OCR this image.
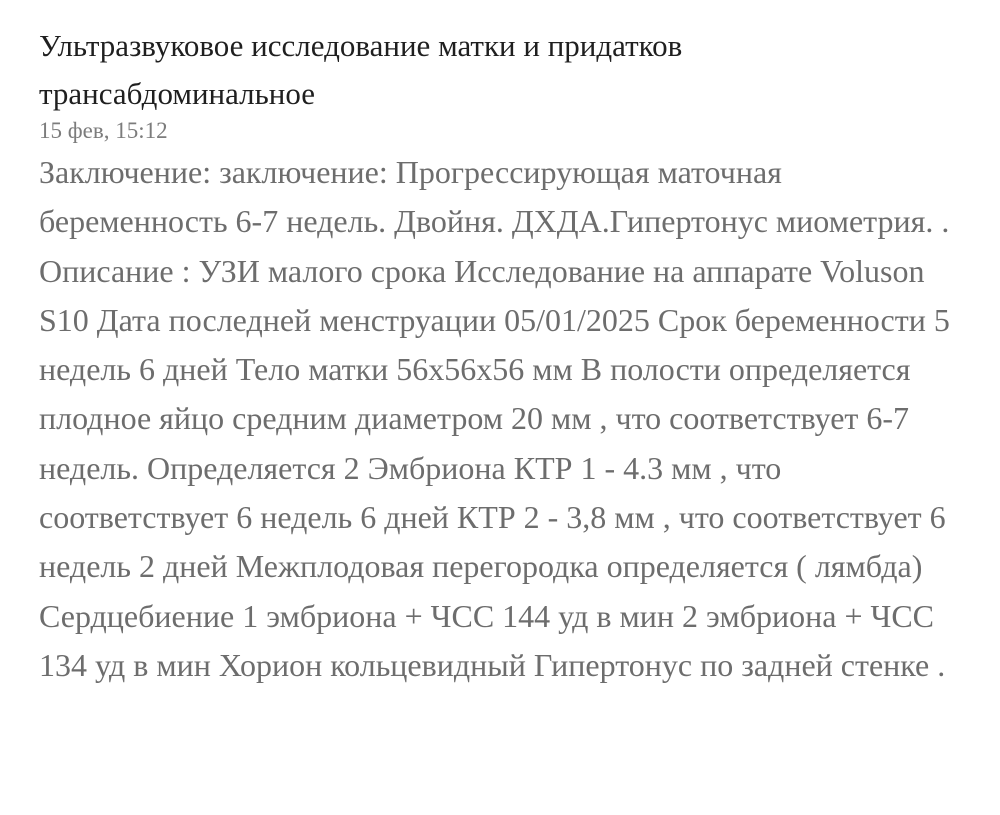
Ультразвуковое исследование матки и придатков трансабдоминальное

15 фев, 15:12

Заключение: заключение: Прогрессирующая маточная беременность 6-7 недель. Двойня. ДХДА.Гипертонус миометрия. . Описание : УЗИ малого срока Исследование на аппарате Voluson S10 Дата последней менструации 05/01/2025 Срок беременности 5 недель 6 дней Тело матки 56x56x56 мм В полости определяется плодное яйцо средним диаметром 20 мм , что соответствует 6-7 недель. Определяется 2 Эмбриона КТР 1 - 4.3 мм , что соответствует 6 недель 6 дней КТР 2 - 3,8 мм , что соответствует 6 недель 2 дней Межплодовая перегородка определяется ( лямбда) Сердцебиение 1 эмбриона + ЧСС 144 уд в мин 2 эмбриона + ЧСС 134 уд в мин Хорион кольцевидный Гипертонус по задней стенке .
